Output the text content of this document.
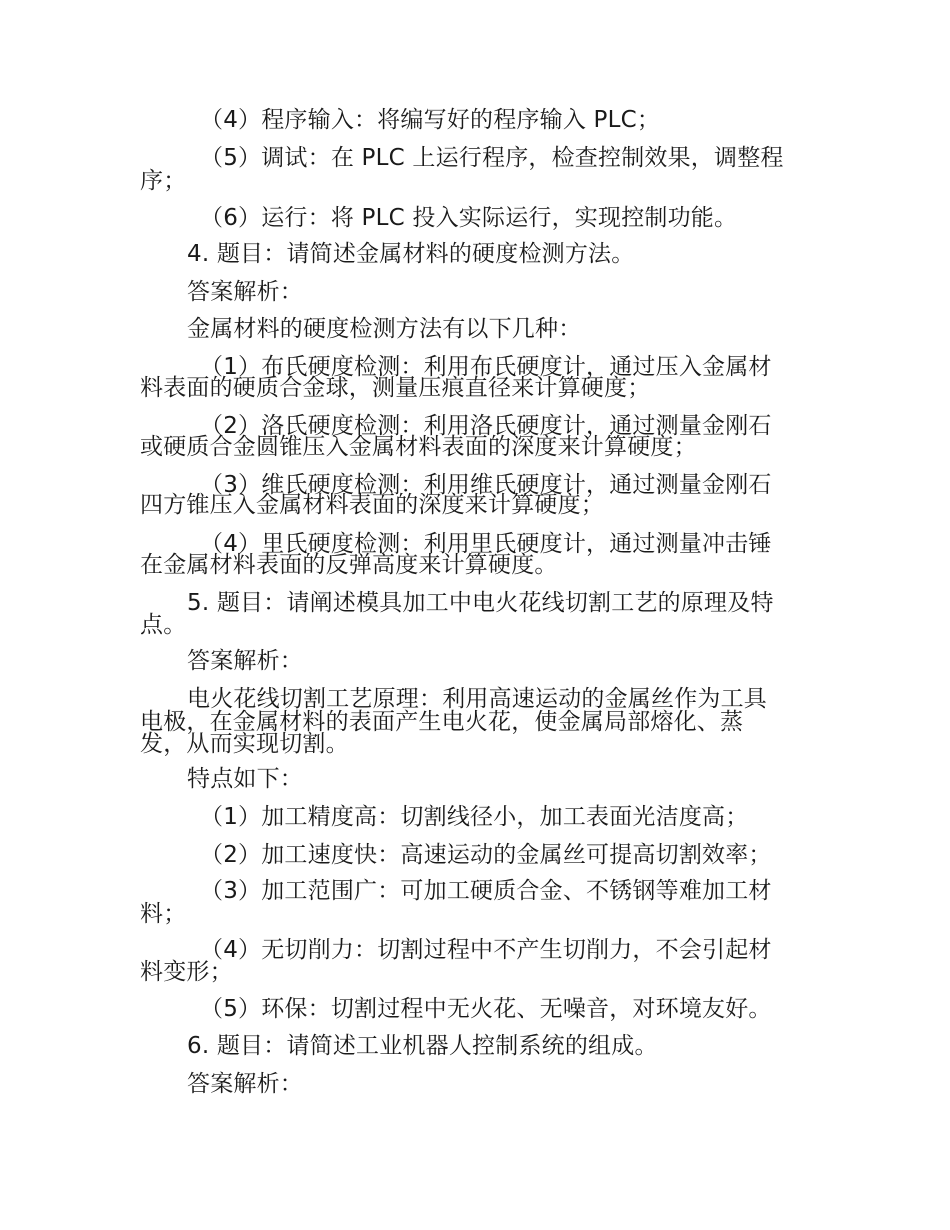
（4）程序输入：将编写好的程序输入 PLC；
（5）调试：在 PLC 上运行程序，检查控制效果，调整程
序；
（6）运行：将 PLC 投入实际运行，实现控制功能。
4. 题目：请简述金属材料的硬度检测方法。
答案解析：
金属材料的硬度检测方法有以下几种：
（1）布氏硬度检测：利用布氏硬度计，通过压入金属材
料表面的硬质合金球，测量压痕直径来计算硬度；
（2）洛氏硬度检测：利用洛氏硬度计，通过测量金刚石
或硬质合金圆锥压入金属材料表面的深度来计算硬度；
（3）维氏硬度检测：利用维氏硬度计，通过测量金刚石
四方锥压入金属材料表面的深度来计算硬度；
（4）里氏硬度检测：利用里氏硬度计，通过测量冲击锤
在金属材料表面的反弹高度来计算硬度。
5. 题目：请阐述模具加工中电火花线切割工艺的原理及特
点。
答案解析：
电火花线切割工艺原理：利用高速运动的金属丝作为工具
电极，在金属材料的表面产生电火花，使金属局部熔化、蒸
发，从而实现切割。
特点如下：
（1）加工精度高：切割线径小，加工表面光洁度高；
（2）加工速度快：高速运动的金属丝可提高切割效率；
（3）加工范围广：可加工硬质合金、不锈钢等难加工材
料；
（4）无切削力：切割过程中不产生切削力，不会引起材
料变形；
（5）环保：切割过程中无火花、无噪音，对环境友好。
6. 题目：请简述工业机器人控制系统的组成。
答案解析：
